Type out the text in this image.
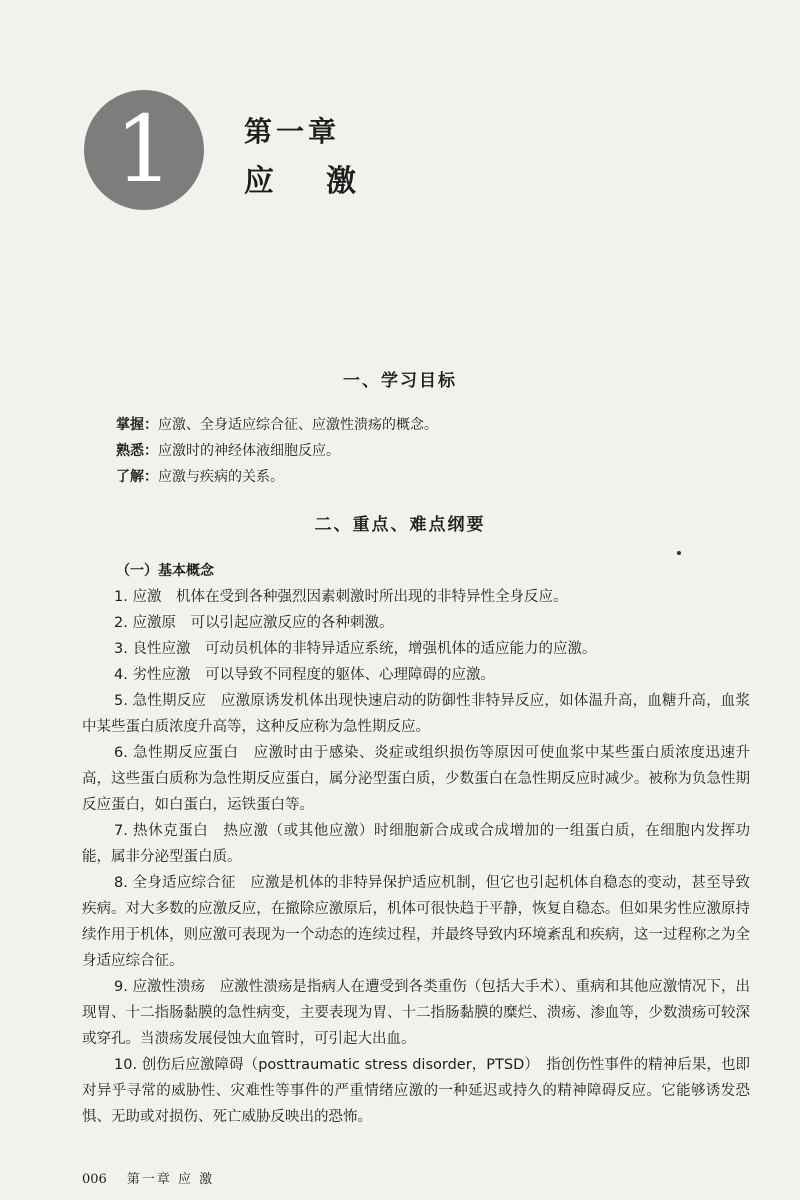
1	第一章
应激
一、学习目标
掌握：应激、全身适应综合征、应激性溃疡的概念。
熟悉：应激时的神经体液细胞反应。
了解：应激与疾病的关系。
二、重点、难点纲要
（一）基本概念

1. 应激 机体在受到各种强烈因素刺激时所出现的非特异性全身反应。

2. 应激原 可以引起应激反应的各种刺激。

3. 良性应激 可动员机体的非特异适应系统，增强机体的适应能力的应激。

4. 劣性应激 可以导致不同程度的躯体、心理障碍的应激。

5. 急性期反应 应激原诱发机体出现快速启动的防御性非特异反应，如体温升高，血糖升高，血浆中某些蛋白质浓度升高等，这种反应称为急性期反应。

6. 急性期反应蛋白 应激时由于感染、炎症或组织损伤等原因可使血浆中某些蛋白质浓度迅速升高，这些蛋白质称为急性期反应蛋白，属分泌型蛋白质，少数蛋白在急性期反应时减少。被称为负急性期反应蛋白，如白蛋白，运铁蛋白等。

7. 热休克蛋白 热应激（或其他应激）时细胞新合成或合成增加的一组蛋白质，在细胞内发挥功能，属非分泌型蛋白质。

8. 全身适应综合征 应激是机体的非特异保护适应机制，但它也引起机体自稳态的变动，甚至导致疾病。对大多数的应激反应，在撤除应激原后，机体可很快趋于平静，恢复自稳态。但如果劣性应激原持续作用于机体，则应激可表现为一个动态的连续过程，并最终导致内环境紊乱和疾病，这一过程称之为全身适应综合征。

9. 应激性溃疡 应激性溃疡是指病人在遭受到各类重伤（包括大手术）、重病和其他应激情况下，出现胃、十二指肠黏膜的急性病变，主要表现为胃、十二指肠黏膜的糜烂、溃疡、渗血等，少数溃疡可较深或穿孔。当溃疡发展侵蚀大血管时，可引起大出血。

10. 创伤后应激障碍（posttraumatic stress disorder，PTSD） 指创伤性事件的精神后果，也即对异乎寻常的威胁性、灾难性等事件的严重情绪应激的一种延迟或持久的精神障碍反应。它能够诱发恐惧、无助或对损伤、死亡威胁反映出的恐怖。

006 第一章 应 激
